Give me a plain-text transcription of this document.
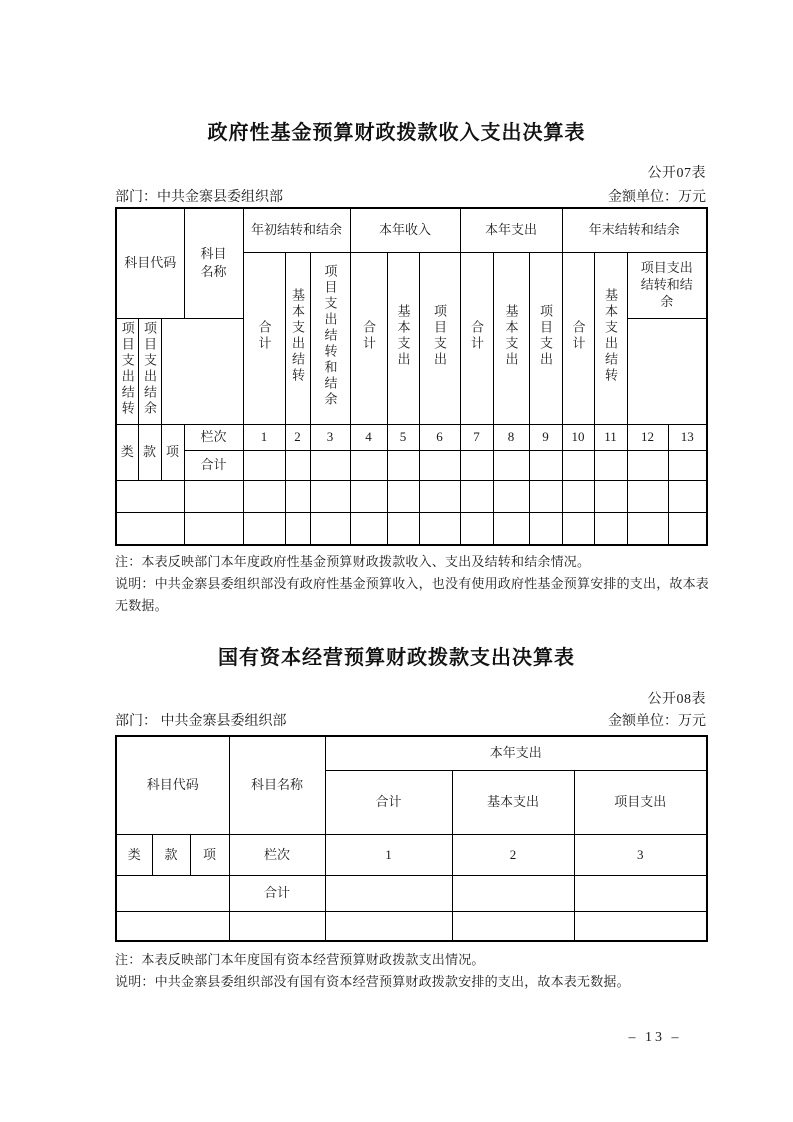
政府性基金预算财政拨款收入支出决算表
公开07表
部门：中共金寨县委组织部	金额单位：万元
科目代码			科目名称	年初结转和结余			本年收入			本年支出			年末结转和结余			
				合计	基本支出结转	项目支出结转和结余	合计	基本支出	项目支出	合计	基本支出	项目支出	合计	基本支出结转	项目支出结转和结余	
项目支出结转	项目支出结余															
类	款	项	栏次	1	2	3	4	5	6	7	8	9	10	11	12	13
			合计													

注：本表反映部门本年度政府性基金预算财政拨款收入、支出及结转和结余情况。
说明：中共金寨县委组织部没有政府性基金预算收入，也没有使用政府性基金预算安排的支出，故本表无数据。
国有资本经营预算财政拨款支出决算表
公开08表
部门： 中共金寨县委组织部	金额单位：万元
科目代码			科目名称	本年支出		
				合计	基本支出	项目支出
类	款	项	栏次	1	2	3
			合计			

注：本表反映部门本年度国有资本经营预算财政拨款支出情况。
说明：中共金寨县委组织部没有国有资本经营预算财政拨款安排的支出，故本表无数据。
– 13 –
